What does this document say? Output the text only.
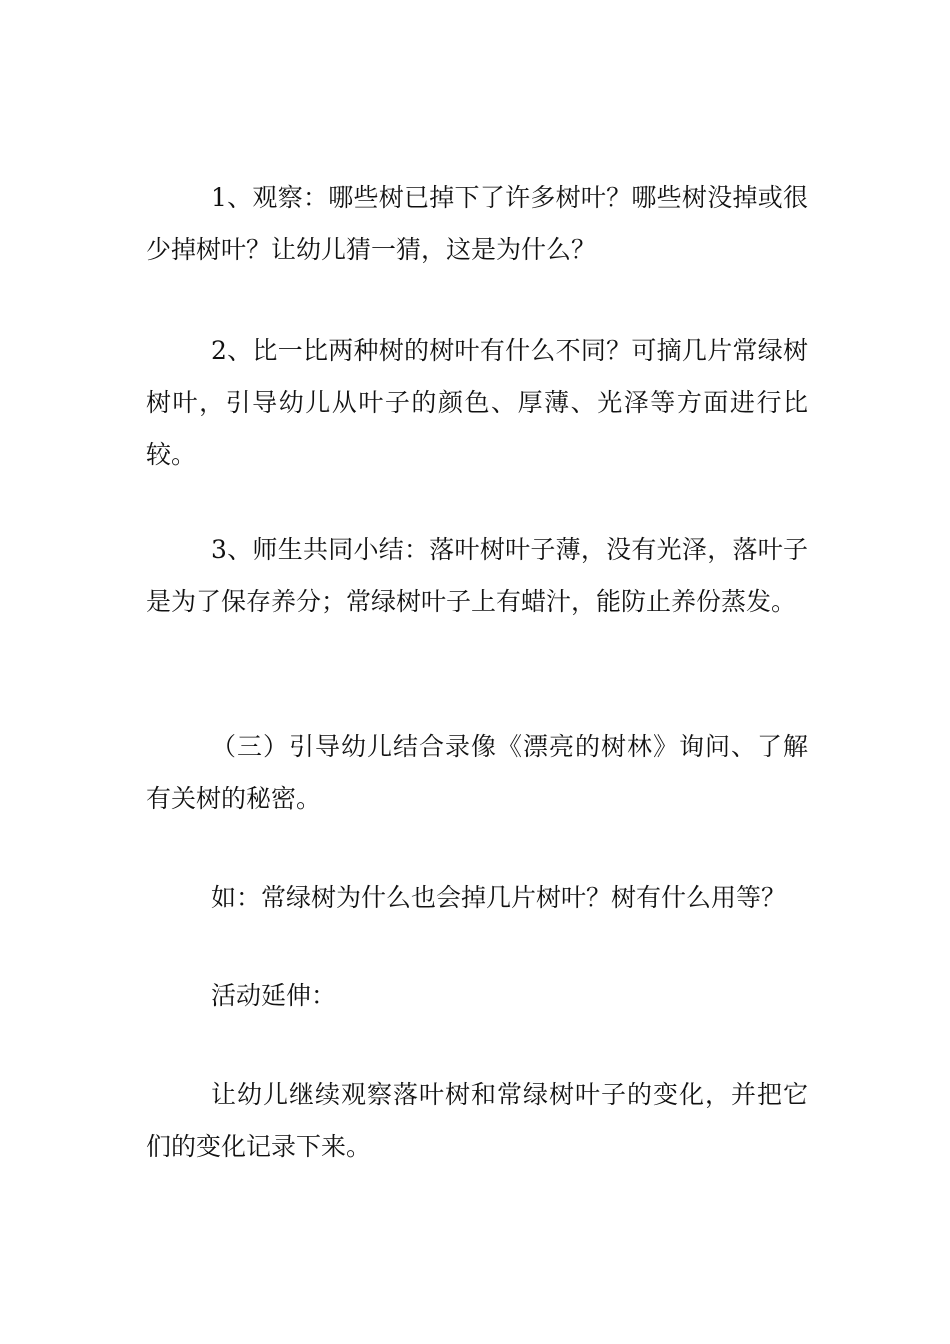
1、观察：哪些树已掉下了许多树叶？哪些树没掉或很少掉树叶？让幼儿猜一猜，这是为什么？

2、比一比两种树的树叶有什么不同？可摘几片常绿树树叶，引导幼儿从叶子的颜色、厚薄、光泽等方面进行比较。

3、师生共同小结：落叶树叶子薄，没有光泽，落叶子是为了保存养分；常绿树叶子上有蜡汁，能防止养份蒸发。

（三）引导幼儿结合录像《漂亮的树林》询问、了解有关树的秘密。

如：常绿树为什么也会掉几片树叶？树有什么用等？

活动延伸：

让幼儿继续观察落叶树和常绿树叶子的变化，并把它们的变化记录下来。
